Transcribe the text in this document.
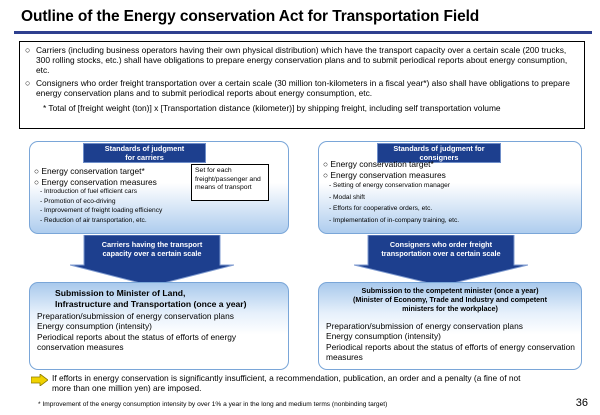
Outline of the Energy conservation Act for Transportation Field
○ Carriers (including business operators having their own physical distribution) which have the transport capacity over a certain scale (200 trucks, 300 rolling stocks, etc.) shall have obligations to prepare energy conservation plans and to submit periodical reports about energy consumption, etc.
○ Consigners who order freight transportation over a certain scale (30 million ton-kilometers in a fiscal year*) also shall have obligations to prepare energy conservation plans and to submit periodical reports about energy consumption, etc.
* Total of [freight weight (ton)] x [Transportation distance (kilometer)] by shipping freight, including self transportation volume
Standards of judgment
for carriers
Standards of judgment for
consigners
○ Energy conservation target*
○ Energy conservation measures
- Introduction of fuel efficient cars
- Promotion of eco-driving
- Improvement of freight loading efficiency
- Reduction of air transportation, etc.
Set for each freight/passenger and means of transport
○ Energy conservation target*
○ Energy conservation measures
- Setting of energy conservation manager
- Modal shift
- Efforts for cooperative orders, etc.
- Implementation of in-company training, etc.
Carriers having the transport
capacity over a certain scale
Consigners who order freight
transportation over a certain scale
Submission to Minister of Land,
Infrastructure and Transportation (once a year)
Submission to the competent minister (once a year)
(Minister of Economy, Trade and Industry and competent
ministers for the workplace)
Preparation/submission of energy conservation plans
Energy consumption (intensity)
Periodical reports about the status of efforts of energy conservation measures
Preparation/submission of energy conservation plans
Energy consumption (intensity)
Periodical reports about the status of efforts of energy conservation measures
If efforts in energy conservation is significantly insufficient, a recommendation, publication, an order and a penalty (a fine of not more than one million yen) are imposed.
* Improvement of the energy consumption intensity by over 1% a year in the long and medium terms (nonbinding target)	36
